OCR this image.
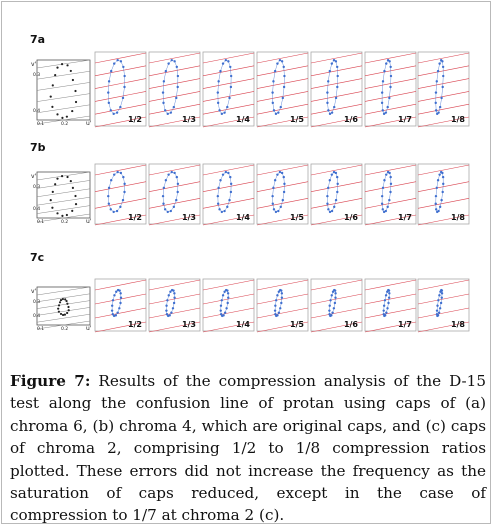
7a
7b
7c
v'
0.3
0.4
0.1	0.2	u'	1/2	1/3	1/4	1/5	1/6	1/7	1/8
v'
0.3
0.4
0.1	0.2	u'	1/2	1/3	1/4	1/5	1/6	1/7	1/8
v'
0.3
0.4
0.1	0.2	u'	1/2	1/3	1/4	1/5	1/6	1/7	1/8
Figure 7: Results of the compression analysis of the D-15 test along the confusion line of protan using caps of (a) chroma 6, (b) chroma 4, which are original caps, and (c) caps of chroma 2, comprising 1/2 to 1/8 compression ratios plotted. These errors did not increase the frequency as the saturation of caps reduced, except in the case of compression to 1/7 at chroma 2 (c).
